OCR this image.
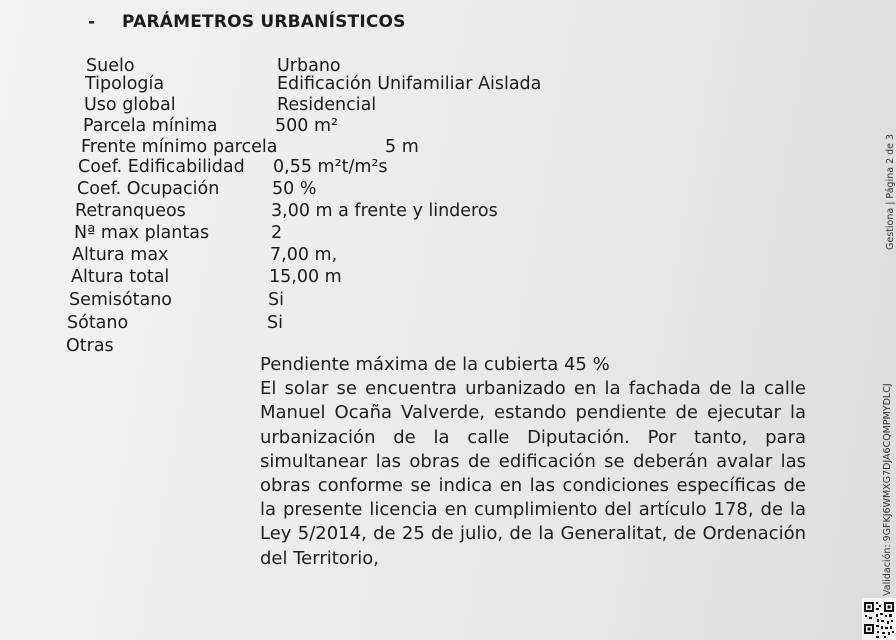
- PARÁMETROS URBANÍSTICOS
Suelo	Urbano
Tipología	Edificación Unifamiliar Aislada
Uso global	Residencial
Parcela mínima	500 m²
Frente mínimo parcela	5 m
Coef. Edificabilidad 0,55 m²t/m²s
Coef. Ocupación	50 %
Retranqueos	3,00 m a frente y linderos
Nª max plantas	2
Altura max	7,00 m,
Altura total	15,00 m
Semisótano	Si
Sótano	Si
Otras

Pendiente máxima de la cubierta 45 %

El solar se encuentra urbanizado en la fachada de la calle Manuel Ocaña Valverde, estando pendiente de ejecutar la urbanización de la calle Diputación. Por tanto, para simultanear las obras de edificación se deberán avalar las obras conforme se indica en las condiciones específicas de la presente licencia en cumplimiento del artículo 178, de la Ley 5/2014, de 25 de julio, de la Generalitat, de Ordenación del Territorio,

Gestiona | Página 2 de 3
Validación: 9GFKJ6WMXG7DJA6CQMPMYDLCJ
